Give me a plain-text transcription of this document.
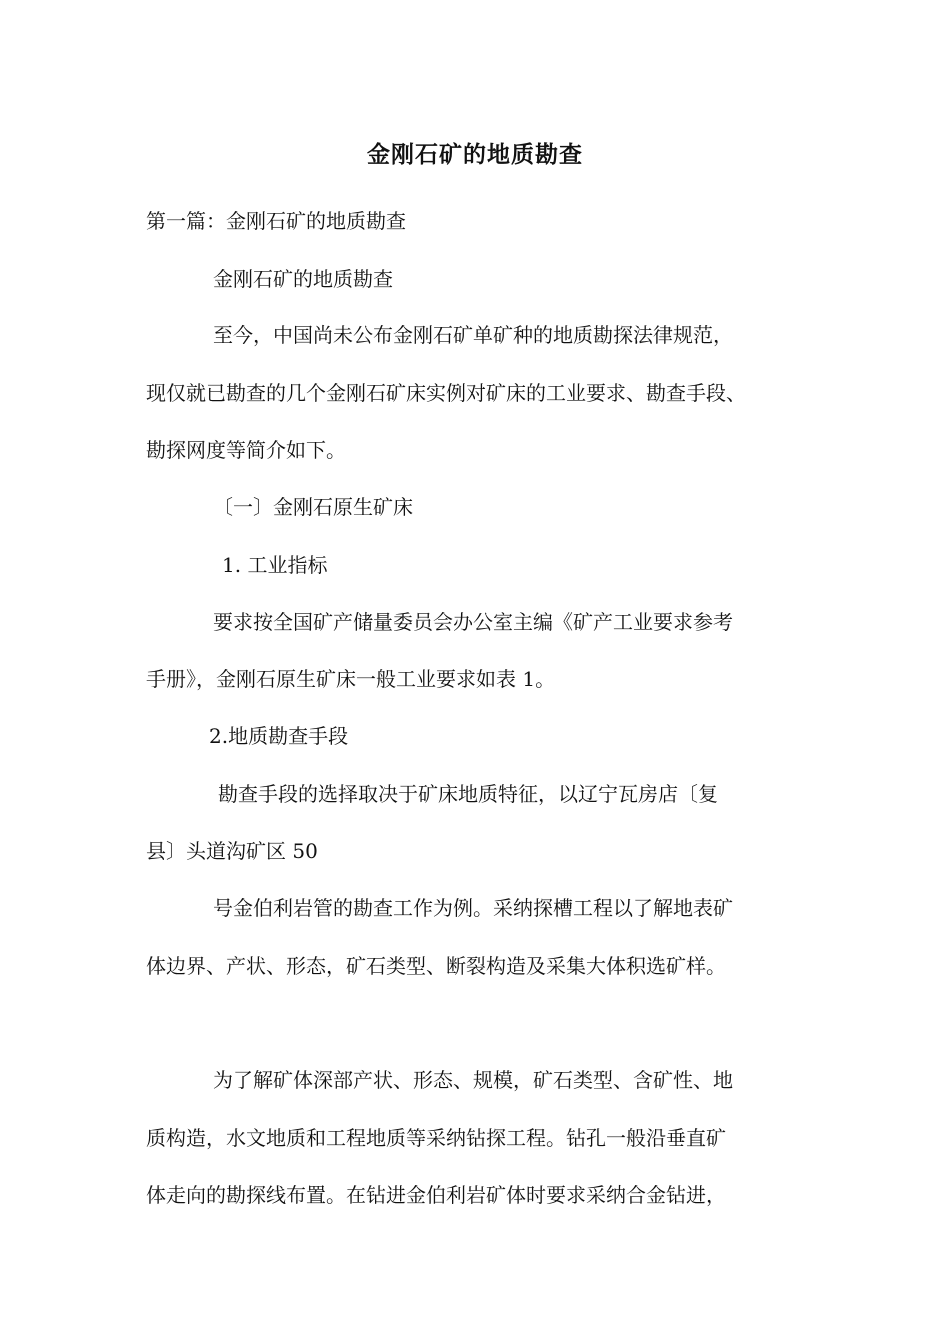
金刚石矿的地质勘查
第一篇：金刚石矿的地质勘查
金刚石矿的地质勘查
至今，中国尚未公布金刚石矿单矿种的地质勘探法律规范，
现仅就已勘查的几个金刚石矿床实例对矿床的工业要求、勘查手段、
勘探网度等简介如下。
〔一〕金刚石原生矿床
1. 工业指标
要求按全国矿产储量委员会办公室主编《矿产工业要求参考
手册》，金刚石原生矿床一般工业要求如表 1。
2.地质勘查手段
勘查手段的选择取决于矿床地质特征，以辽宁瓦房店〔复
县〕头道沟矿区 50
号金伯利岩管的勘查工作为例。采纳探槽工程以了解地表矿
体边界、产状、形态，矿石类型、断裂构造及采集大体积选矿样。
为了解矿体深部产状、形态、规模，矿石类型、含矿性、地
质构造，水文地质和工程地质等采纳钻探工程。钻孔一般沿垂直矿
体走向的勘探线布置。在钻进金伯利岩矿体时要求采纳合金钻进，
